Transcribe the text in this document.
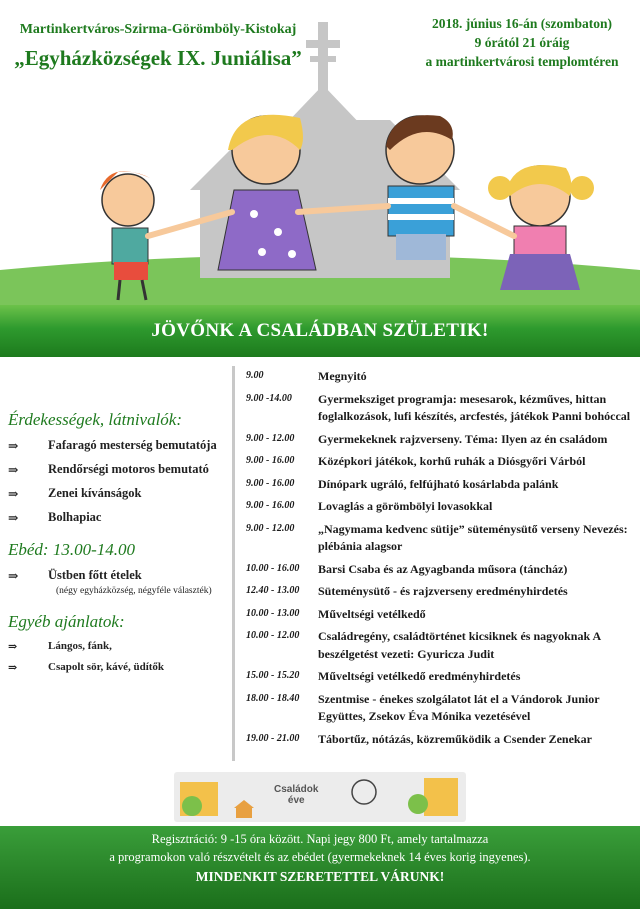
Martinkertváros-Szirma-Görömböly-Kistokaj
„Egyházközségek IX. Juniálisa”
2018. június 16-án (szombaton)
9 órától 21 óráig
a martinkertvárosi templomtéren
JÖVŐNK A CSALÁDBAN SZÜLETIK!
Érdekességek, látnivalók:
⇒	Fafaragó mesterség bemutatója
⇒	Rendőrségi motoros bemutató
⇒	Zenei kívánságok
⇒	Bolhapiac
Ebéd: 13.00-14.00
⇒	Üstben főtt ételek
(négy egyházközség, négyféle választék)
Egyéb ajánlatok:
⇒	Lángos, fánk,
⇒	Csapolt sör, kávé, üdítők
9.00	Megnyitó
9.00 -14.00	Gyermeksziget programja: mesesarok, kézműves, hittan foglalkozások, lufi készítés, arcfestés, játékok Panni bohóccal
9.00 - 12.00	Gyermekeknek rajzverseny. Téma: Ilyen az én családom
9.00 - 16.00	Középkori játékok, korhű ruhák a Diósgyőri Várból
9.00 - 16.00	Dínópark ugráló, felfújható kosárlabda palánk
9.00 - 16.00	Lovaglás a görömbölyi lovasokkal
9.00 - 12.00	„Nagymama kedvenc sütije” süteménysütő verseny Nevezés: plébánia alagsor
10.00 - 16.00	Barsi Csaba és az Agyagbanda műsora (táncház)
12.40 - 13.00	Süteménysütő - és rajzverseny eredményhirdetés
10.00 - 13.00	Műveltségi vetélkedő
10.00 - 12.00	Családregény, családtörténet kicsiknek és nagyoknak A beszélgetést vezeti: Gyuricza Judit
15.00 - 15.20	Műveltségi vetélkedő eredményhirdetés
18.00 - 18.40	Szentmise - énekes szolgálatot lát el a Vándorok Junior Együttes, Zsekov Éva Mónika vezetésével
19.00 - 21.00	Tábortűz, nótázás, közreműködik a Csender Zenekar
Családok
éve
Regisztráció: 9 -15 óra között. Napi jegy 800 Ft, amely tartalmazza
a programokon való részvételt és az ebédet (gyermekeknek 14 éves korig ingyenes).
MINDENKIT SZERETETTEL VÁRUNK!
